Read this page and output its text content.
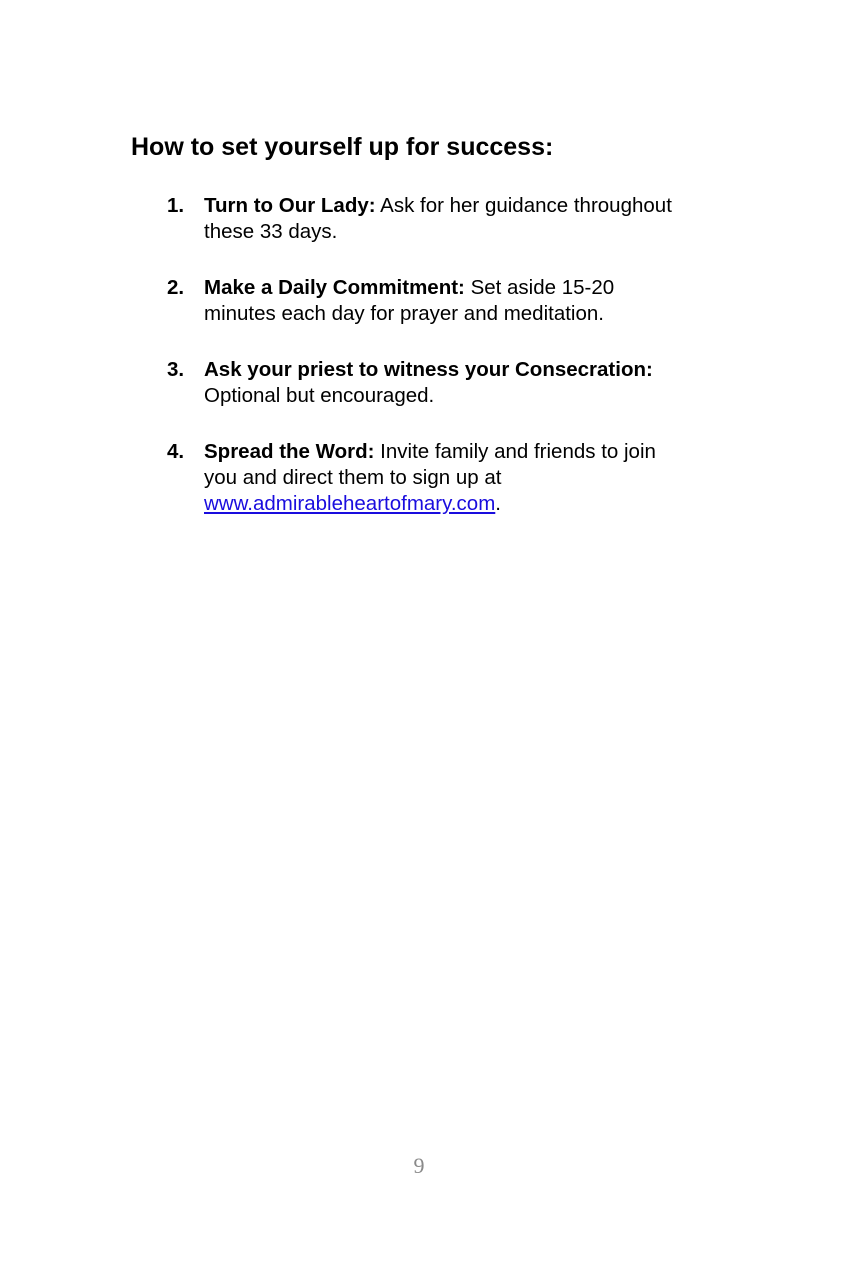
How to set yourself up for success:
1. Turn to Our Lady: Ask for her guidance throughout
these 33 days.
2. Make a Daily Commitment: Set aside 15-20
minutes each day for prayer and meditation.
3. Ask your priest to witness your Consecration:
Optional but encouraged.
4. Spread the Word: Invite family and friends to join
you and direct them to sign up at
www.admirableheartofmary.com.
9
